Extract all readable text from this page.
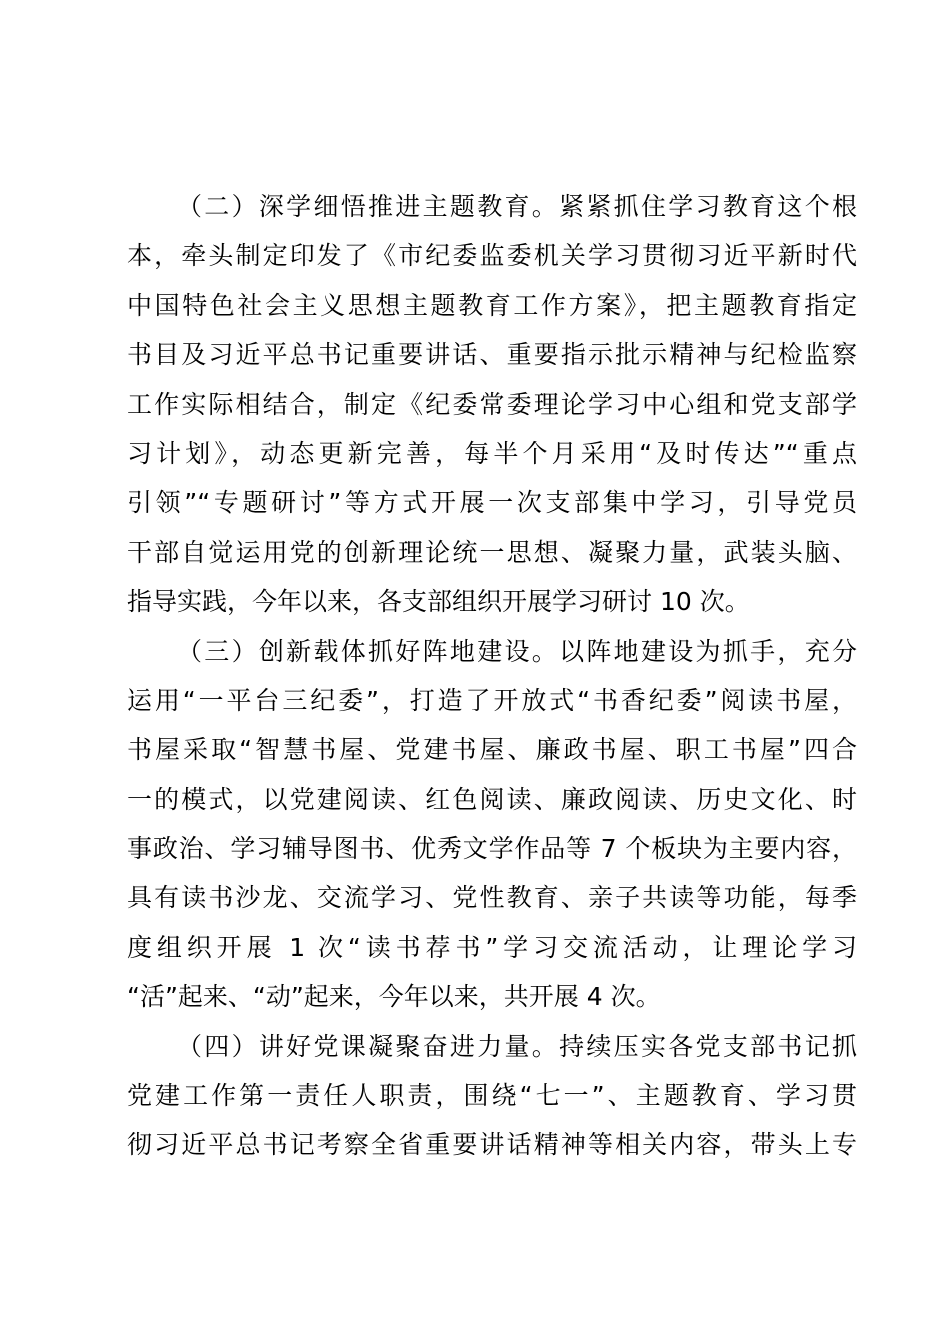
（二）深学细悟推进主题教育。紧紧抓住学习教育这个根
本，牵头制定印发了《市纪委监委机关学习贯彻习近平新时代
中国特色社会主义思想主题教育工作方案》，把主题教育指定
书目及习近平总书记重要讲话、重要指示批示精神与纪检监察
工作实际相结合，制定《纪委常委理论学习中心组和党支部学
习计划》，动态更新完善，每半个月采用“及时传达”“重点
引领”“专题研讨”等方式开展一次支部集中学习，引导党员
干部自觉运用党的创新理论统一思想、凝聚力量，武装头脑、
指导实践，今年以来，各支部组织开展学习研讨 10 次。
（三）创新载体抓好阵地建设。以阵地建设为抓手，充分
运用“一平台三纪委”，打造了开放式“书香纪委”阅读书屋，
书屋采取“智慧书屋、党建书屋、廉政书屋、职工书屋”四合
一的模式，以党建阅读、红色阅读、廉政阅读、历史文化、时
事政治、学习辅导图书、优秀文学作品等 7 个板块为主要内容，
具有读书沙龙、交流学习、党性教育、亲子共读等功能，每季
度组织开展 1 次“读书荐书”学习交流活动，让理论学习
“活”起来、“动”起来，今年以来，共开展 4 次。
（四）讲好党课凝聚奋进力量。持续压实各党支部书记抓
党建工作第一责任人职责，围绕“七一”、主题教育、学习贯
彻习近平总书记考察全省重要讲话精神等相关内容，带头上专
